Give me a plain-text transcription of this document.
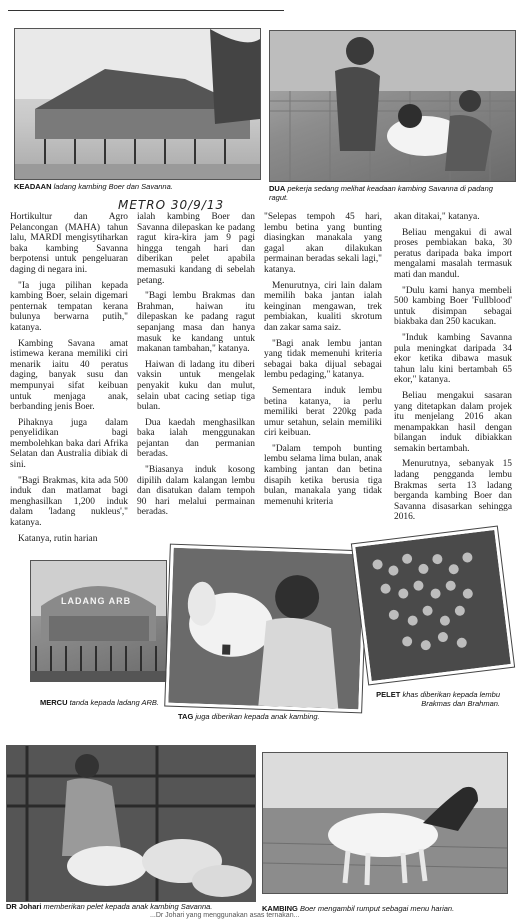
KEADAAN ladang kambing Boer dan Savanna.	DUA pekerja sedang melihat keadaan kambing Savanna di padang ragut.
METRO 30/9/13

Hortikultur dan Agro Pelancongan (MAHA) tahun lalu, MARDI mengisytiharkan baka kambing Savanna berpotensi untuk pengeluaran daging di negara ini.

"Ia juga pilihan kepada kambing Boer, selain digemari penternak tempatan kerana bulunya berwarna putih," katanya.

Kambing Savana amat istimewa kerana memiliki ciri menarik iaitu 40 peratus daging, banyak susu dan mempunyai sifat keibuan untuk menjaga anak, berbanding jenis Boer.

Pihaknya juga dalam penyelidikan bagi membolehkan baka dari Afrika Selatan dan Australia dibiak di sini.

"Bagi Brakmas, kita ada 500 induk dan matlamat bagi menghasilkan 1,200 induk dalam 'ladang nukleus'," katanya.

Katanya, rutin harian

ialah kambing Boer dan Savanna dilepaskan ke padang ragut kira-kira jam 9 pagi hingga tengah hari dan diberikan pelet apabila memasuki kandang di sebelah petang.

"Bagi lembu Brakmas dan Brahman, haiwan itu dilepaskan ke padang ragut sepanjang masa dan hanya masuk ke kandang untuk makanan tambahan," katanya.

Haiwan di ladang itu diberi vaksin untuk mengelak penyakit kuku dan mulut, selain ubat cacing setiap tiga bulan.

Dua kaedah menghasilkan baka ialah menggunakan pejantan dan permanian beradas.

"Biasanya induk kosong dipilih dalam kalangan lembu dan disatukan dalam tempoh 90 hari melalui permainan beradas.

"Selepas tempoh 45 hari, lembu betina yang bunting diasingkan manakala yang gagal akan dilakukan permainan beradas sekali lagi," katanya.

Menurutnya, ciri lain dalam memilih baka jantan ialah keinginan mengawan, trek pembiakan, kualiti skrotum dan zakar sama saiz.

"Bagi anak lembu jantan yang tidak memenuhi kriteria sebagai baka dijual sebagai lembu pedaging," katanya.

Sementara induk lembu betina katanya, ia perlu memiliki berat 220kg pada umur setahun, selain memiliki ciri keibuan.

"Dalam tempoh bunting lembu selama lima bulan, anak kambing jantan dan betina disapih ketika berusia tiga bulan, manakala yang tidak memenuhi kriteria

akan ditakai," katanya.

Beliau mengakui di awal proses pembiakan baka, 30 peratus daripada baka import mengalami masalah termasuk mati dan mandul.

"Dulu kami hanya membeli 500 kambing Boer 'Fullblood' untuk disimpan sebagai biakbaka dan 250 kacukan.

"Induk kambing Savanna pula meningkat daripada 34 ekor ketika dibawa masuk tahun lalu kini bertambah 65 ekor," katanya.

Beliau mengakui sasaran yang ditetapkan dalam projek itu menjelang 2016 akan menampakkan hasil dengan bilangan induk dibiakkan semakin bertambah.

Menurutnya, sebanyak 15 ladang pengganda lembu Brakmas serta 13 ladang berganda kambing Boer dan Savanna disasarkan sehingga 2016.

LADANG ARB
MERCU tanda kepada ladang ARB.
TAG juga diberikan kepada anak kambing.
PELET khas diberikan kepada lembu Brakmas dan Brahman.
DR Johari memberikan pelet kepada anak kambing Savanna.	KAMBING Boer mengambil rumput sebagai menu harian.
...Dr Johari yang menggunakan asas ternakan...
